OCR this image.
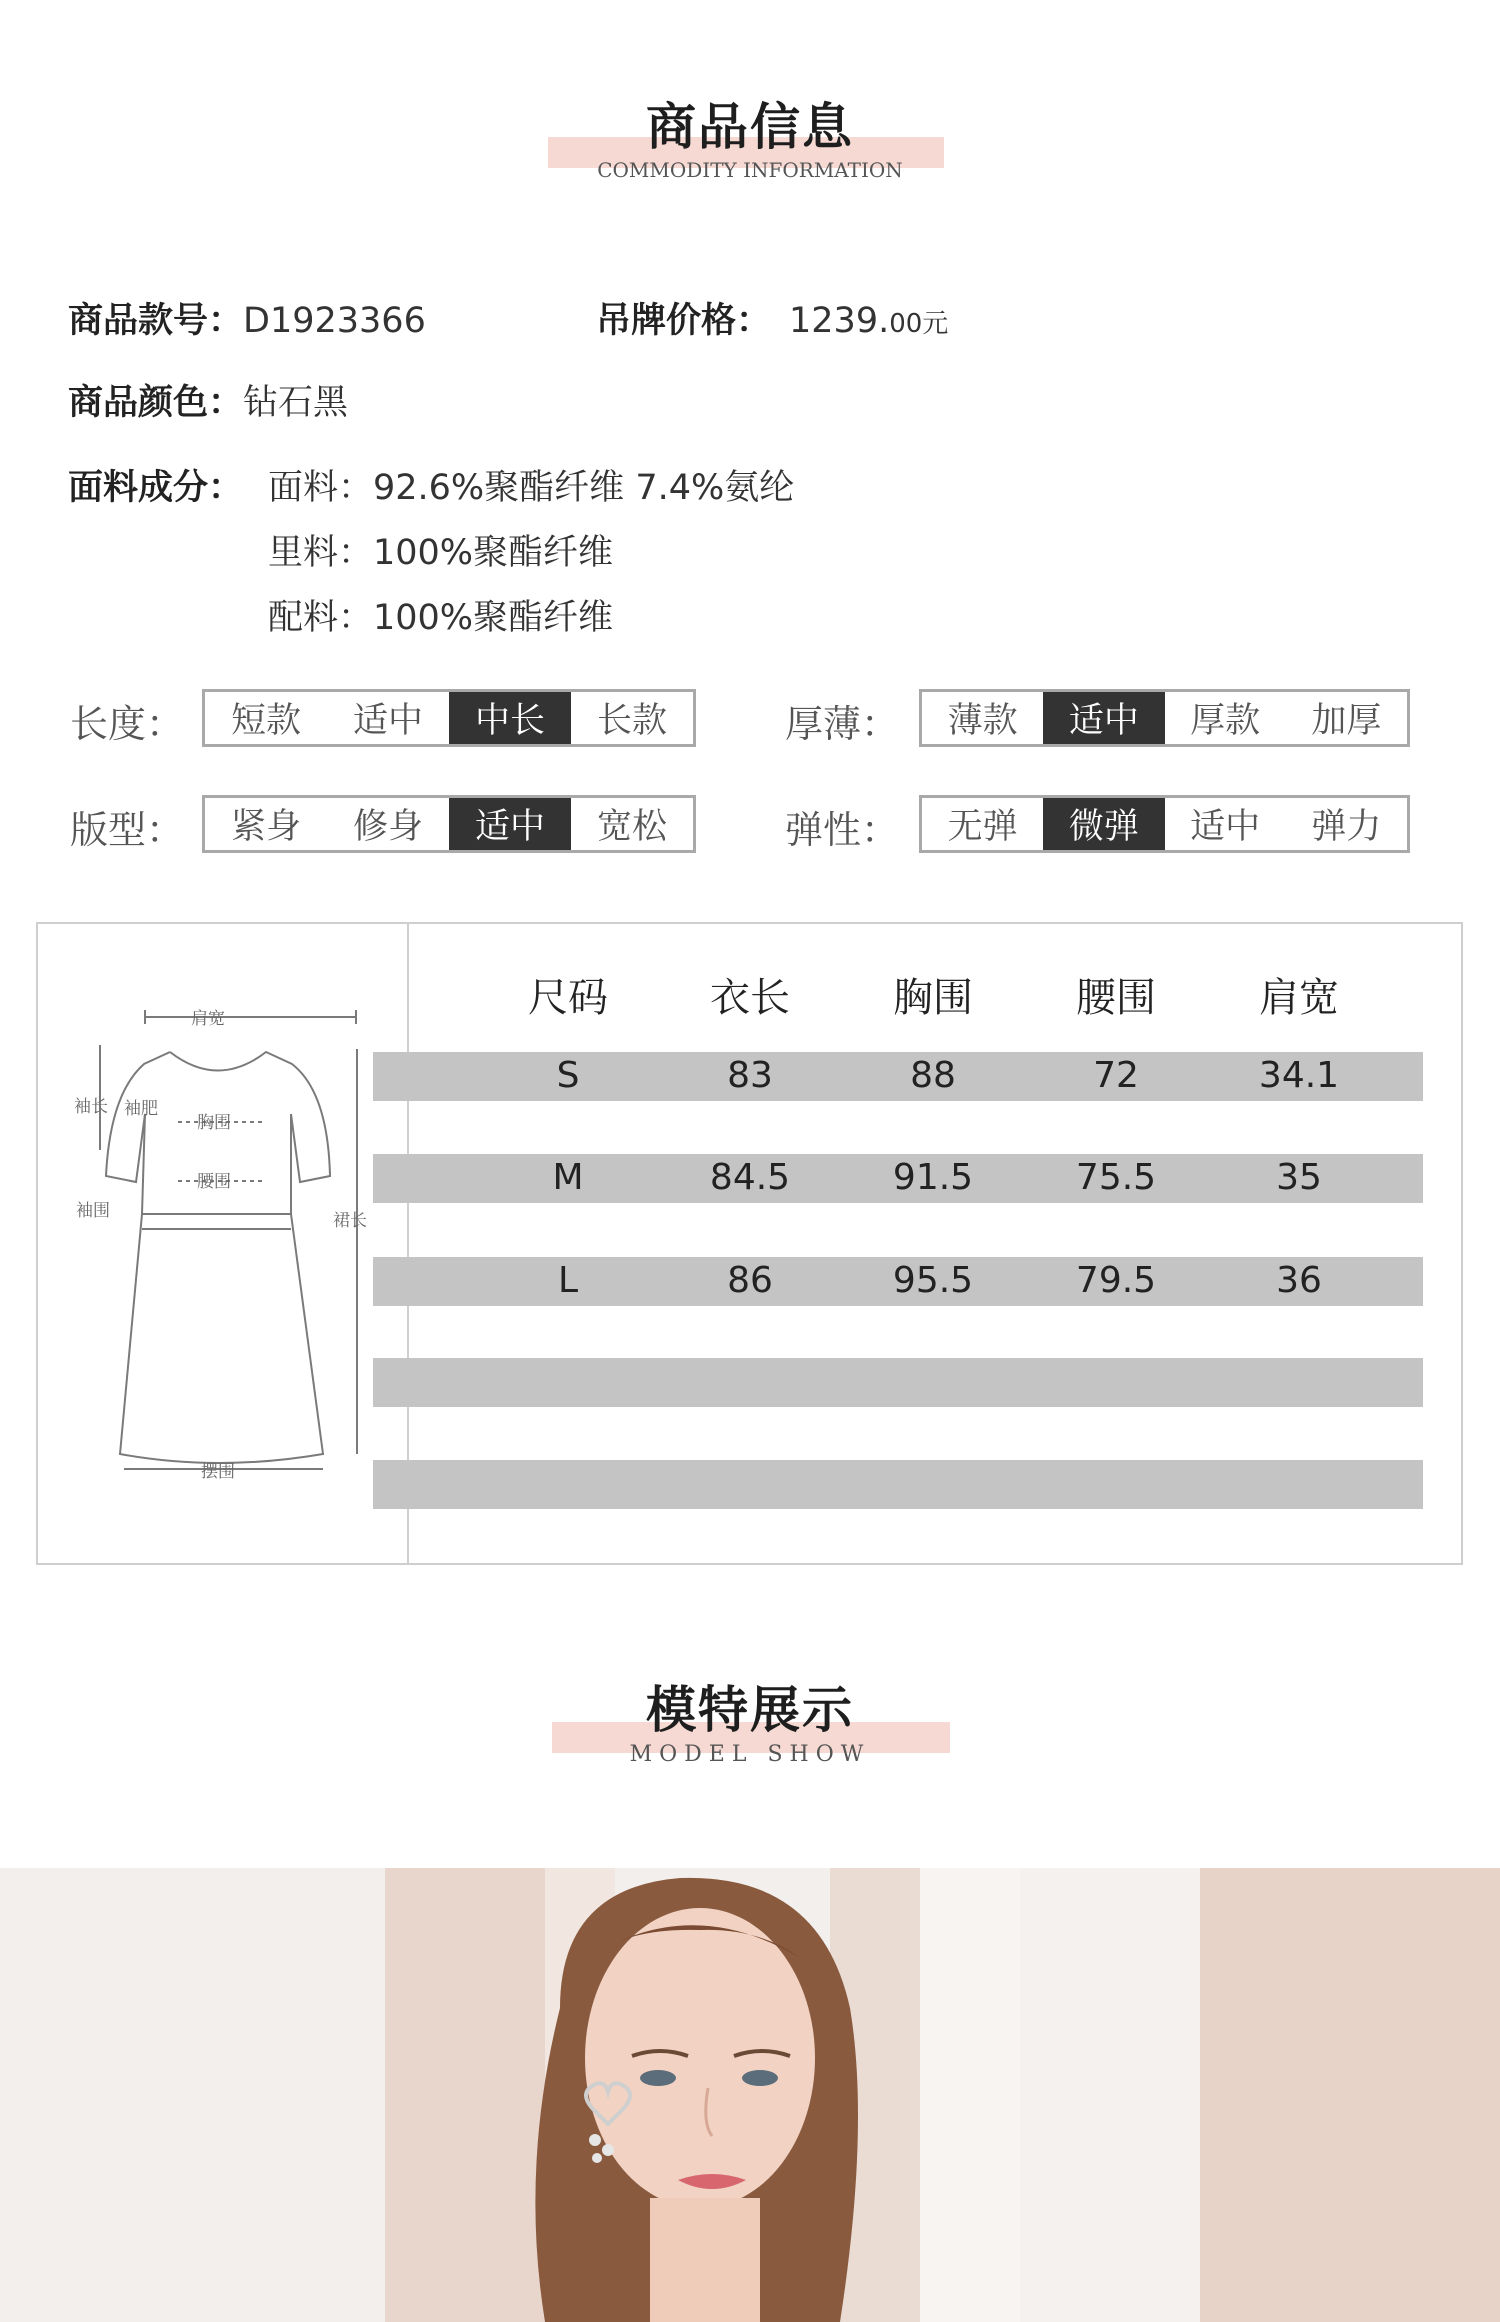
商品信息
COMMODITY INFORMATION
商品款号：D1923366	吊牌价格： 1239.00元
商品颜色：钻石黑
面料成分： 面料：92.6%聚酯纤维 7.4%氨纶
里料：100%聚酯纤维
配料：100%聚酯纤维
长度：	短款	适中	中长	长款	厚薄：	薄款	适中	厚款	加厚
版型：	紧身	修身	适中	宽松	弹性：	无弹	微弹	适中	弹力
肩宽
袖长 袖肥
胸围
腰围
袖围	裙长
摆围
尺码	衣长	胸围	腰围	肩宽
S	83	88	72	34.1
M	84.5	91.5	75.5	35
L	86	95.5	79.5	36
模特展示
MODEL SHOW
